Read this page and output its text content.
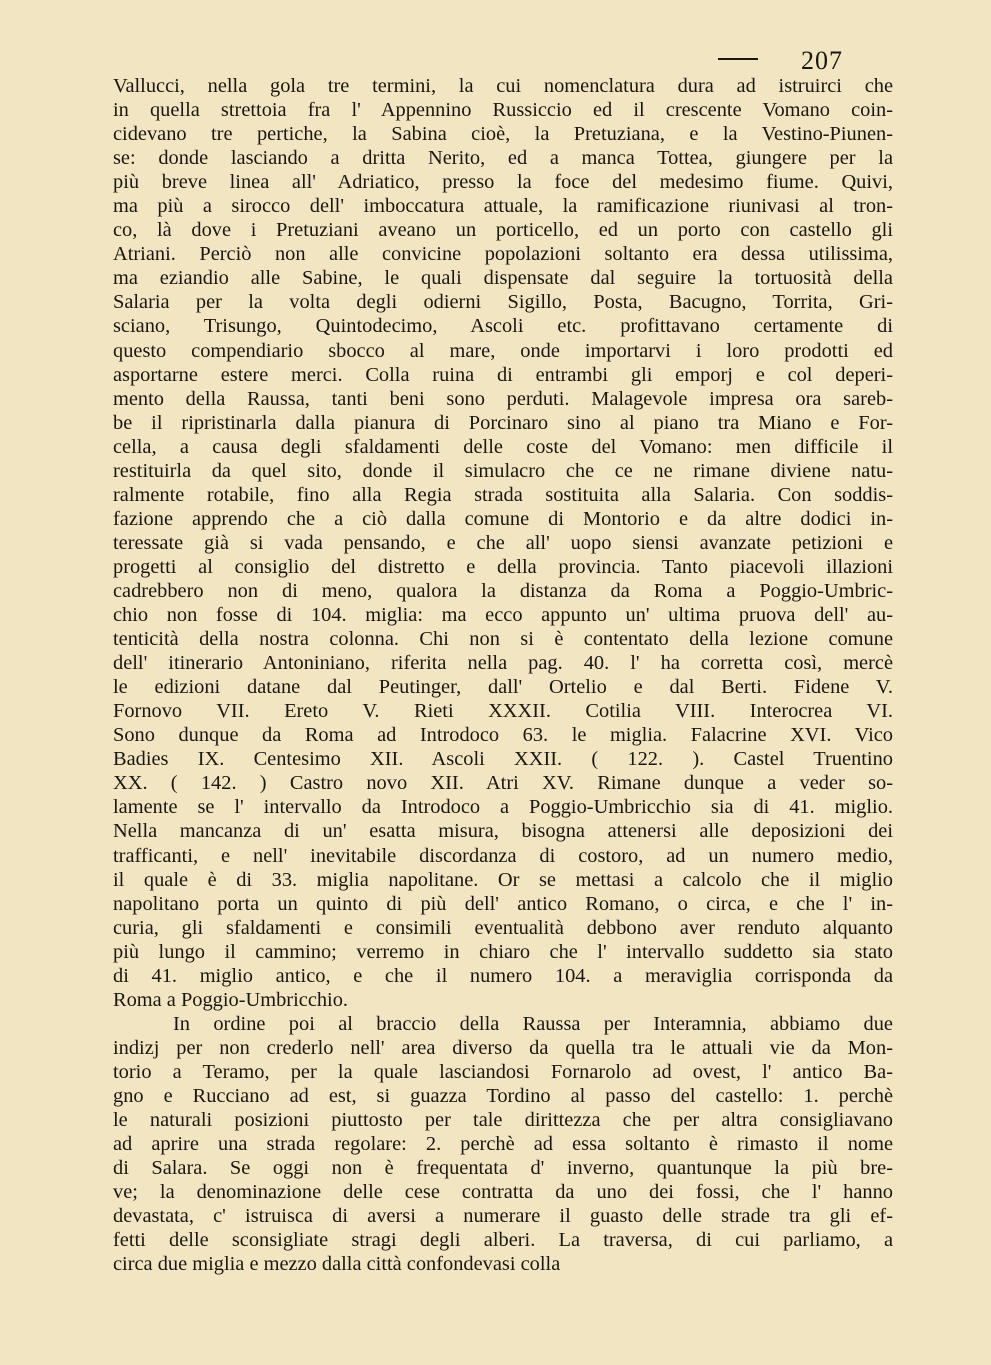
207
Vallucci, nella gola tre termini, la cui nomenclatura dura ad istruirci che
in quella strettoia fra l' Appennino Russiccio ed il crescente Vomano coin-
cidevano tre pertiche, la Sabina cioè, la Pretuziana, e la Vestino-Piunen-
se: donde lasciando a dritta Nerito, ed a manca Tottea, giungere per la
più breve linea all' Adriatico, presso la foce del medesimo fiume. Quivi,
ma più a sirocco dell' imboccatura attuale, la ramificazione riunivasi al tron-
co, là dove i Pretuziani aveano un porticello, ed un porto con castello gli
Atriani. Perciò non alle convicine popolazioni soltanto era dessa utilissima,
ma eziandio alle Sabine, le quali dispensate dal seguire la tortuosità della
Salaria per la volta degli odierni Sigillo, Posta, Bacugno, Torrita, Gri-
sciano, Trisungo, Quintodecimo, Ascoli etc. profittavano certamente di
questo compendiario sbocco al mare, onde importarvi i loro prodotti ed
asportarne estere merci. Colla ruina di entrambi gli emporj e col deperi-
mento della Raussa, tanti beni sono perduti. Malagevole impresa ora sareb-
be il ripristinarla dalla pianura di Porcinaro sino al piano tra Miano e For-
cella, a causa degli sfaldamenti delle coste del Vomano: men difficile il
restituirla da quel sito, donde il simulacro che ce ne rimane diviene natu-
ralmente rotabile, fino alla Regia strada sostituita alla Salaria. Con soddis-
fazione apprendo che a ciò dalla comune di Montorio e da altre dodici in-
teressate già si vada pensando, e che all' uopo siensi avanzate petizioni e
progetti al consiglio del distretto e della provincia. Tanto piacevoli illazioni
cadrebbero non di meno, qualora la distanza da Roma a Poggio-Umbric-
chio non fosse di 104. miglia: ma ecco appunto un' ultima pruova dell' au-
tenticità della nostra colonna. Chi non si è contentato della lezione comune
dell' itinerario Antoniniano, riferita nella pag. 40. l' ha corretta così, mercè
le edizioni datane dal Peutinger, dall' Ortelio e dal Berti. Fidene V.
Fornovo VII. Ereto V. Rieti XXXII. Cotilia VIII. Interocrea VI.
Sono dunque da Roma ad Introdoco 63. le miglia. Falacrine XVI. Vico
Badies IX. Centesimo XII. Ascoli XXII. ( 122. ). Castel Truentino
XX. ( 142. ) Castro novo XII. Atri XV. Rimane dunque a veder so-
lamente se l' intervallo da Introdoco a Poggio-Umbricchio sia di 41. miglio.
Nella mancanza di un' esatta misura, bisogna attenersi alle deposizioni dei
trafficanti, e nell' inevitabile discordanza di costoro, ad un numero medio,
il quale è di 33. miglia napolitane. Or se mettasi a calcolo che il miglio
napolitano porta un quinto di più dell' antico Romano, o circa, e che l' in-
curia, gli sfaldamenti e consimili eventualità debbono aver renduto alquanto
più lungo il cammino; verremo in chiaro che l' intervallo suddetto sia stato
di 41. miglio antico, e che il numero 104. a meraviglia corrisponda da
Roma a Poggio-Umbricchio.
In ordine poi al braccio della Raussa per Interamnia, abbiamo due
indizj per non crederlo nell' area diverso da quella tra le attuali vie da Mon-
torio a Teramo, per la quale lasciandosi Fornarolo ad ovest, l' antico Ba-
gno e Rucciano ad est, si guazza Tordino al passo del castello: 1. perchè
le naturali posizioni piuttosto per tale dirittezza che per altra consigliavano
ad aprire una strada regolare: 2. perchè ad essa soltanto è rimasto il nome
di Salara. Se oggi non è frequentata d' inverno, quantunque la più bre-
ve; la denominazione delle cese contratta da uno dei fossi, che l' hanno
devastata, c' istruisca di aversi a numerare il guasto delle strade tra gli ef-
fetti delle sconsigliate stragi degli alberi. La traversa, di cui parliamo, a
circa due miglia e mezzo dalla città confondevasi colla
